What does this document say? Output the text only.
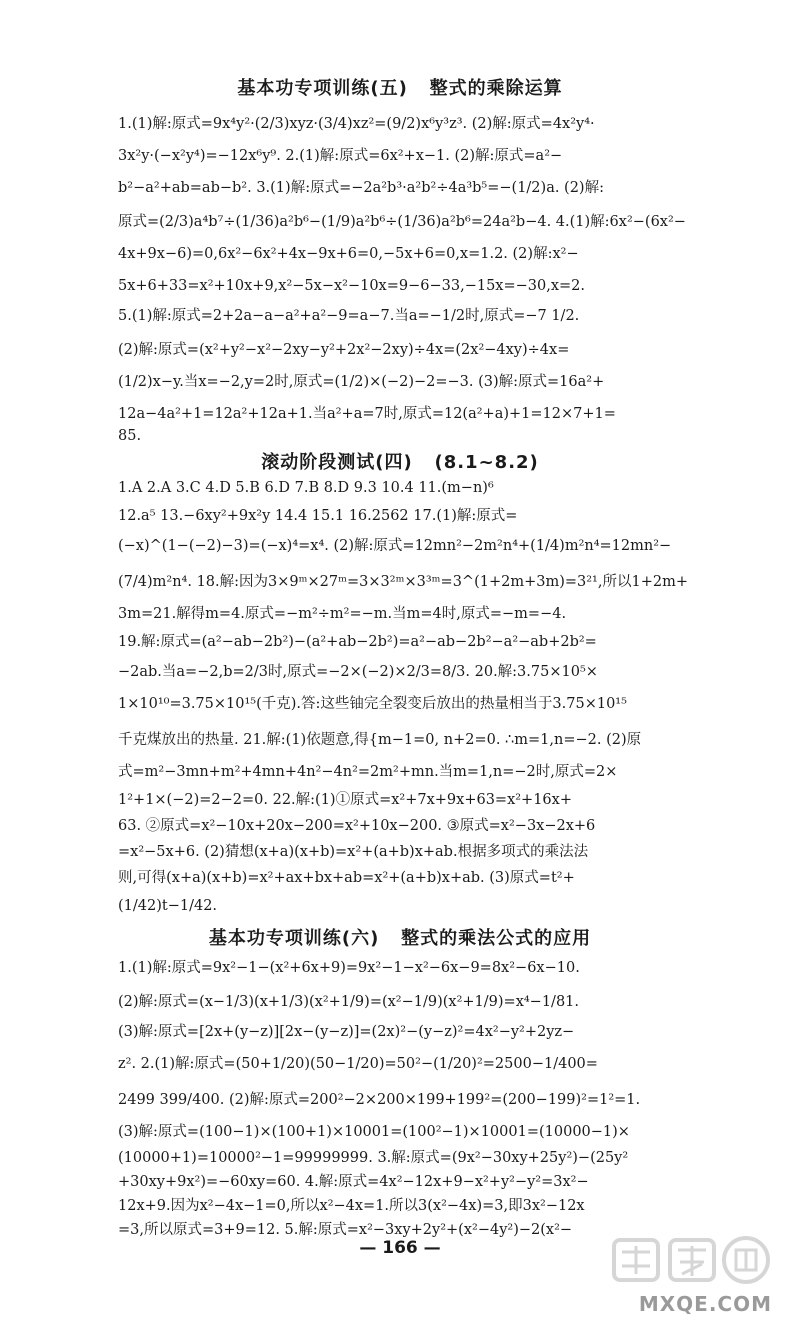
基本功专项训练(五)   整式的乘除运算
1.(1)解:原式=9x⁴y²·(2/3)xyz·(3/4)xz²=(9/2)x⁶y³z³. (2)解:原式=4x²y⁴·
3x²y·(−x²y⁴)=−12x⁶y⁹. 2.(1)解:原式=6x²+x−1. (2)解:原式=a²−
b²−a²+ab=ab−b². 3.(1)解:原式=−2a²b³·a²b²÷4a³b⁵=−(1/2)a. (2)解:
原式=(2/3)a⁴b⁷÷(1/36)a²b⁶−(1/9)a²b⁶÷(1/36)a²b⁶=24a²b−4. 4.(1)解:6x²−(6x²−
4x+9x−6)=0,6x²−6x²+4x−9x+6=0,−5x+6=0,x=1.2. (2)解:x²−
5x+6+33=x²+10x+9,x²−5x−x²−10x=9−6−33,−15x=−30,x=2.
5.(1)解:原式=2+2a−a−a²+a²−9=a−7.当a=−1/2时,原式=−7 1/2.
(2)解:原式=(x²+y²−x²−2xy−y²+2x²−2xy)÷4x=(2x²−4xy)÷4x=
(1/2)x−y.当x=−2,y=2时,原式=(1/2)×(−2)−2=−3. (3)解:原式=16a²+
12a−4a²+1=12a²+12a+1.当a²+a=7时,原式=12(a²+a)+1=12×7+1=
85.
滚动阶段测试(四)   (8.1~8.2)
1.A 2.A 3.C 4.D 5.B 6.D 7.B 8.D 9.3 10.4 11.(m−n)⁶
12.a⁵ 13.−6xy²+9x²y 14.4 15.1 16.2562 17.(1)解:原式=
(−x)^(1−(−2)−3)=(−x)⁴=x⁴. (2)解:原式=12mn²−2m²n⁴+(1/4)m²n⁴=12mn²−
(7/4)m²n⁴. 18.解:因为3×9ᵐ×27ᵐ=3×3²ᵐ×3³ᵐ=3^(1+2m+3m)=3²¹,所以1+2m+
3m=21.解得m=4.原式=−m²÷m²=−m.当m=4时,原式=−m=−4.
19.解:原式=(a²−ab−2b²)−(a²+ab−2b²)=a²−ab−2b²−a²−ab+2b²=
−2ab.当a=−2,b=2/3时,原式=−2×(−2)×2/3=8/3. 20.解:3.75×10⁵×
1×10¹⁰=3.75×10¹⁵(千克).答:这些铀完全裂变后放出的热量相当于3.75×10¹⁵
千克煤放出的热量. 21.解:(1)依题意,得{m−1=0, n+2=0. ∴m=1,n=−2. (2)原
式=m²−3mn+m²+4mn+4n²−4n²=2m²+mn.当m=1,n=−2时,原式=2×
1²+1×(−2)=2−2=0. 22.解:(1)①原式=x²+7x+9x+63=x²+16x+
63. ②原式=x²−10x+20x−200=x²+10x−200. ③原式=x²−3x−2x+6
=x²−5x+6. (2)猜想(x+a)(x+b)=x²+(a+b)x+ab.根据多项式的乘法法
则,可得(x+a)(x+b)=x²+ax+bx+ab=x²+(a+b)x+ab. (3)原式=t²+
(1/42)t−1/42.
基本功专项训练(六)   整式的乘法公式的应用
1.(1)解:原式=9x²−1−(x²+6x+9)=9x²−1−x²−6x−9=8x²−6x−10.
(2)解:原式=(x−1/3)(x+1/3)(x²+1/9)=(x²−1/9)(x²+1/9)=x⁴−1/81.
(3)解:原式=[2x+(y−z)][2x−(y−z)]=(2x)²−(y−z)²=4x²−y²+2yz−
z². 2.(1)解:原式=(50+1/20)(50−1/20)=50²−(1/20)²=2500−1/400=
2499 399/400. (2)解:原式=200²−2×200×199+199²=(200−199)²=1²=1.
(3)解:原式=(100−1)×(100+1)×10001=(100²−1)×10001=(10000−1)×
(10000+1)=10000²−1=99999999. 3.解:原式=(9x²−30xy+25y²)−(25y²
+30xy+9x²)=−60xy=60. 4.解:原式=4x²−12x+9−x²+y²−y²=3x²−
12x+9.因为x²−4x−1=0,所以x²−4x=1.所以3(x²−4x)=3,即3x²−12x
=3,所以原式=3+9=12. 5.解:原式=x²−3xy+2y²+(x²−4y²)−2(x²−
— 166 —
MXQE.COM
